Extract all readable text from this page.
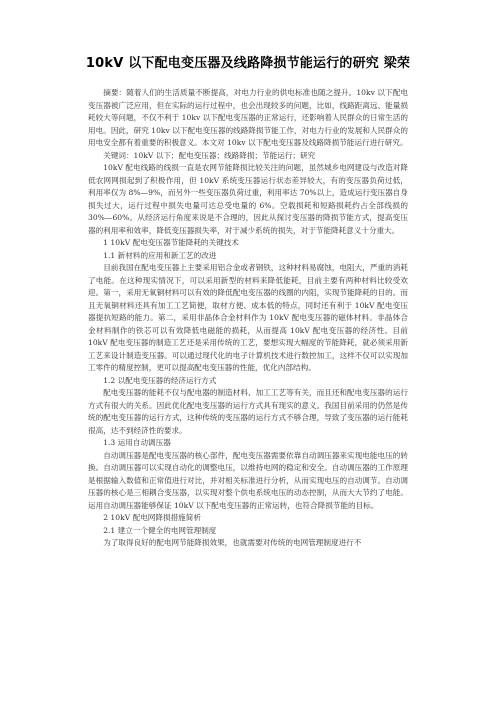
10kV 以下配电变压器及线路降损节能运行的研究 梁荣

摘要：随着人们的生活质量不断提高，对电力行业的供电标准也随之提升。10kv 以下配电变压器被广泛应用，但在实际的运行过程中，也会出现较多的问题，比如，线路距离远、能量损耗较大等问题，不仅不利于 10kv 以下配电变压器的正常运行，还影响着人民群众的日常生活的用电。因此，研究 10kv 以下配电变压器的线路降损节能工作，对电力行业的发展和人民群众的用电安全都有着重要的积极意义。本文对 10kv 以下配电变压器及线路降损节能运行进行研究。

关键词：10kV 以下；配电变压器；线路降损；节能运行；研究

10kV 配电线路的线损一直是农网节能降损比较关注的问题，虽然城乡电网建设与改造对降低农网网损起到了积极作用，但 10kV 系统变压器运行状态差异较大，有的变压器负荷过低，利用率仅为 8%—9%，而另外一些变压器负荷过重，利用率达 70%以上，造成运行变压器自身损失过大，运行过程中损失电量可达总受电量的 6%。空载损耗和短路损耗约占全部线损的 30%—60%。从经济运行角度来说是不合理的，因此从探讨变压器的降损节能方式，提高变压器的利用率和效率，降低变压器损失率，对于减少系统的损失，对于节能降耗意义十分重大。

1 10kV 配电变压器节能降耗的关键技术

1.1 新材料的应用和新工艺的改进

目前我国在配电变压器上主要采用铝合金或者钢铁，这种材料易腐蚀，电阻大，严重的消耗了电能。在这种现实情况下，可以采用新型的材料来降低能耗，目前主要有两种材料比较受欢迎。第一，采用无氧铜材料可以有效的降低配电变压器的线圈的内阻，实现节能降耗的目的。而且无氧铜材料还具有加工工艺简便，取材方便、成本低的特点，同时还有利于 10kV 配电变压器提抗短路的能力。第二，采用非晶体合金材料作为 10kV 配电变压器的磁体材料。非晶体合金材料制作的铁芯可以有效降低电磁能的损耗，从而提高 10kV 配电变压器的经济性。目前 10kV 配电变压器的制造工艺还是采用传统的工艺，要想实现大幅度的节能降耗，就必须采用新工艺来设计制造变压器。可以通过现代化的电子计算机技术进行数控加工，这样不仅可以实现加工零件的精度控制，更可以提高配电变压器的性能，优化内部结构。

1.2 以配电变压器的经济运行方式

配电变压器的能耗不仅与配电器的制造材料、加工工艺等有关，而且还和配电变压器的运行方式有很大的关系。因此优化配电变压器的运行方式具有现实的意义。我国目前采用的仍然是传统的配电变压器的运行方式，这种传统的变压器的运行方式不够合理，导致了变压器的运行能耗很高，达不到经济性的要求。

1.3 运用自动调压器

自动调压器是配电变压器的核心部件，配电变压器需要依靠自动调压器来实现电能电压的转换。自动调压器可以实现自动化的调整电压，以维持电网的稳定和安全。自动调压器的工作原理是根据输入数值和正常值进行对比，并对相关标准进行分析，从而实现电压的自动调节。自动调压器的核心是三相耦合变压器，以实现对整个供电系统电压的动态控制，从而大大节约了电能。运用自动调压器能够保证 10kV 以下配电变压器的正常运转，也符合降损节能的目标。

2 10kV 配电网降损措施简析

2.1 建立一个健全的电网管理制度

为了取得良好的配电网节能降损效果，也就需要对传统的电网管理制度进行不
